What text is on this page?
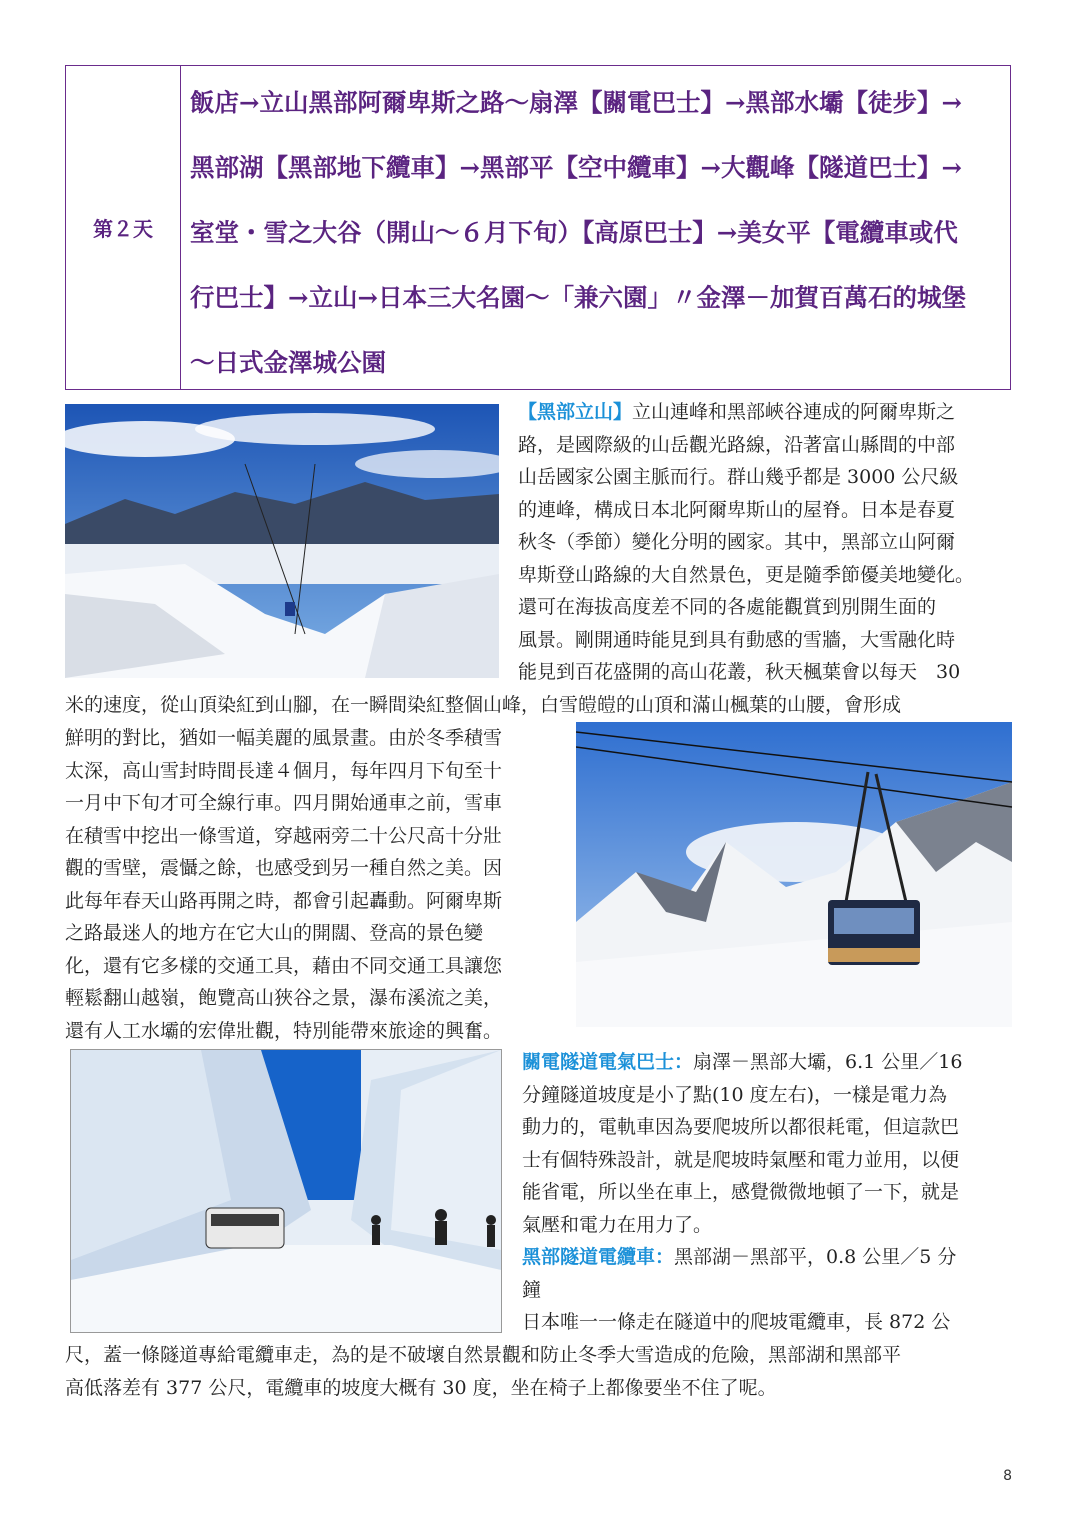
第２天
飯店→立山黑部阿爾卑斯之路～扇澤【關電巴士】→黑部水壩【徒步】→
黑部湖【黑部地下纜車】→黑部平【空中纜車】→大觀峰【隧道巴士】→
室堂・雪之大谷（開山～６月下旬）【高原巴士】→美女平【電纜車或代
行巴士】→立山→日本三大名園～「兼六園」〃金澤－加賀百萬石的城堡
～日式金澤城公園
【黑部立山】立山連峰和黑部峽谷連成的阿爾卑斯之
路，是國際級的山岳觀光路線，沿著富山縣間的中部
山岳國家公園主脈而行。群山幾乎都是 3000 公尺級
的連峰，構成日本北阿爾卑斯山的屋脊。日本是春夏
秋冬（季節）變化分明的國家。其中，黑部立山阿爾
卑斯登山路線的大自然景色，更是隨季節優美地變化。
還可在海拔高度差不同的各處能觀賞到別開生面的
風景。剛開通時能見到具有動感的雪牆，大雪融化時
能見到百花盛開的高山花叢，秋天楓葉會以每天　30
米的速度，從山頂染紅到山腳，在一瞬間染紅整個山峰，白雪皚皚的山頂和滿山楓葉的山腰，會形成
鮮明的對比，猶如一幅美麗的風景畫。由於冬季積雪
太深，高山雪封時間長達４個月，每年四月下旬至十
一月中下旬才可全線行車。四月開始通車之前，雪車
在積雪中挖出一條雪道，穿越兩旁二十公尺高十分壯
觀的雪壁，震懾之餘，也感受到另一種自然之美。因
此每年春天山路再開之時，都會引起轟動。阿爾卑斯
之路最迷人的地方在它大山的開闊、登高的景色變
化，還有它多樣的交通工具，藉由不同交通工具讓您
輕鬆翻山越嶺，飽覽高山狹谷之景，瀑布溪流之美，
還有人工水壩的宏偉壯觀，特別能帶來旅途的興奮。
關電隧道電氣巴士：扇澤－黑部大壩，6.1 公里／16
分鐘隧道坡度是小了點(10 度左右)，一樣是電力為
動力的，電軌車因為要爬坡所以都很耗電，但這款巴
士有個特殊設計，就是爬坡時氣壓和電力並用，以便
能省電，所以坐在車上，感覺微微地頓了一下，就是
氣壓和電力在用力了。
黑部隧道電纜車：黑部湖－黑部平，0.8 公里／5 分
鐘
日本唯一一條走在隧道中的爬坡電纜車，長 872 公
尺，蓋一條隧道專給電纜車走，為的是不破壞自然景觀和防止冬季大雪造成的危險，黑部湖和黑部平
高低落差有 377 公尺，電纜車的坡度大概有 30 度，坐在椅子上都像要坐不住了呢。
8
